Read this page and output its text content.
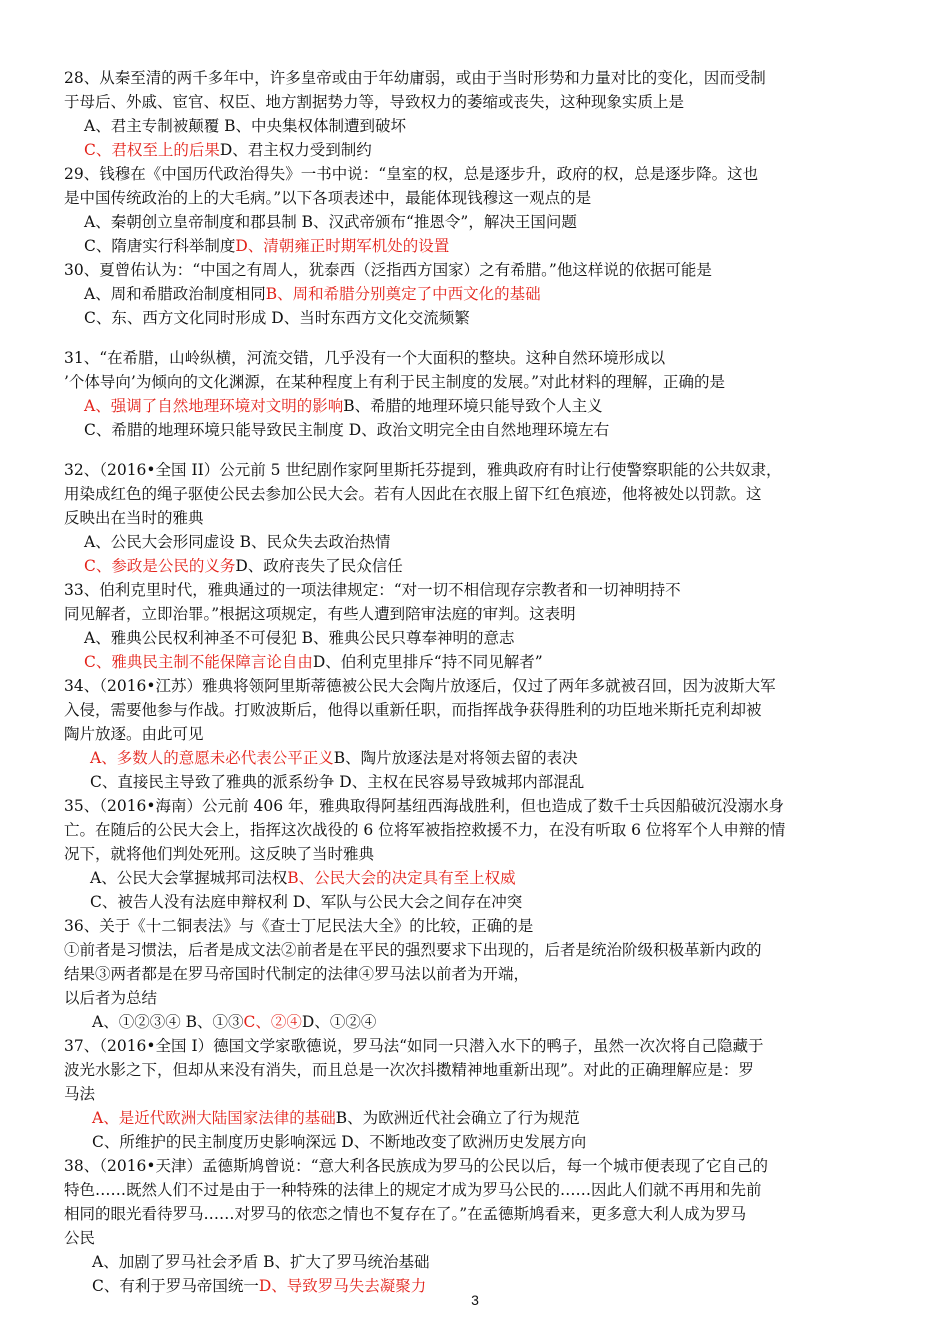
28、从秦至清的两千多年中，许多皇帝或由于年幼庸弱，或由于当时形势和力量对比的变化，因而受制
于母后、外戚、宦官、权臣、地方割据势力等，导致权力的萎缩或丧失，这种现象实质上是
A、君主专制被颠覆 B、中央集权体制遭到破坏
C、君权至上的后果D、君主权力受到制约
29、钱穆在《中国历代政治得失》一书中说：“皇室的权，总是逐步升，政府的权，总是逐步降。这也
是中国传统政治的上的大毛病。”以下各项表述中，最能体现钱穆这一观点的是
A、秦朝创立皇帝制度和郡县制 B、汉武帝颁布“推恩令”，解决王国问题
C、隋唐实行科举制度D、清朝雍正时期军机处的设置
30、夏曾佑认为：“中国之有周人，犹泰西（泛指西方国家）之有希腊。”他这样说的依据可能是
A、周和希腊政治制度相同B、周和希腊分别奠定了中西文化的基础
C、东、西方文化同时形成 D、当时东西方文化交流频繁
31、“在希腊，山岭纵横，河流交错，几乎没有一个大面积的整块。这种自然环境形成以
’个体导向’为倾向的文化渊源，在某种程度上有利于民主制度的发展。”对此材料的理解，正确的是
A、强调了自然地理环境对文明的影响B、希腊的地理环境只能导致个人主义
C、希腊的地理环境只能导致民主制度 D、政治文明完全由自然地理环境左右
32、（2016•全国 II）公元前 5 世纪剧作家阿里斯托芬提到，雅典政府有时让行使警察职能的公共奴隶，
用染成红色的绳子驱使公民去参加公民大会。若有人因此在衣服上留下红色痕迹，他将被处以罚款。这
反映出在当时的雅典
A、公民大会形同虚设 B、民众失去政治热情
C、参政是公民的义务D、政府丧失了民众信任
33、伯利克里时代，雅典通过的一项法律规定：“对一切不相信现存宗教者和一切神明持不
同见解者，立即治罪。”根据这项规定，有些人遭到陪审法庭的审判。这表明
A、雅典公民权利神圣不可侵犯 B、雅典公民只尊奉神明的意志
C、雅典民主制不能保障言论自由D、伯利克里排斥“持不同见解者”
34、（2016•江苏）雅典将领阿里斯蒂德被公民大会陶片放逐后，仅过了两年多就被召回，因为波斯大军
入侵，需要他参与作战。打败波斯后，他得以重新任职，而指挥战争获得胜利的功臣地米斯托克利却被
陶片放逐。由此可见
A、多数人的意愿未必代表公平正义B、陶片放逐法是对将领去留的表决
C、直接民主导致了雅典的派系纷争 D、主权在民容易导致城邦内部混乱
35、（2016•海南）公元前 406 年，雅典取得阿基纽西海战胜利，但也造成了数千士兵因船破沉没溺水身
亡。在随后的公民大会上，指挥这次战役的 6 位将军被指控救援不力，在没有听取 6 位将军个人申辩的情
况下，就将他们判处死刑。这反映了当时雅典
A、公民大会掌握城邦司法权B、公民大会的决定具有至上权威
C、被告人没有法庭申辩权利 D、军队与公民大会之间存在冲突
36、关于《十二铜表法》与《查士丁尼民法大全》的比较，正确的是
①前者是习惯法，后者是成文法②前者是在平民的强烈要求下出现的，后者是统治阶级积极革新内政的
结果③两者都是在罗马帝国时代制定的法律④罗马法以前者为开端，
以后者为总结
A、①②③④ B、①③C、②④D、①②④
37、（2016•全国 I）德国文学家歌德说，罗马法“如同一只潜入水下的鸭子，虽然一次次将自己隐藏于
波光水影之下，但却从来没有消失，而且总是一次次抖擞精神地重新出现”。对此的正确理解应是：罗
马法
A、是近代欧洲大陆国家法律的基础B、为欧洲近代社会确立了行为规范
C、所维护的民主制度历史影响深远 D、不断地改变了欧洲历史发展方向
38、（2016•天津）孟德斯鸠曾说：“意大利各民族成为罗马的公民以后，每一个城市便表现了它自己的
特色……既然人们不过是由于一种特殊的法律上的规定才成为罗马公民的……因此人们就不再用和先前
相同的眼光看待罗马……对罗马的依恋之情也不复存在了。”在孟德斯鸠看来，更多意大利人成为罗马
公民
A、加剧了罗马社会矛盾 B、扩大了罗马统治基础
C、有利于罗马帝国统一D、导致罗马失去凝聚力
3
